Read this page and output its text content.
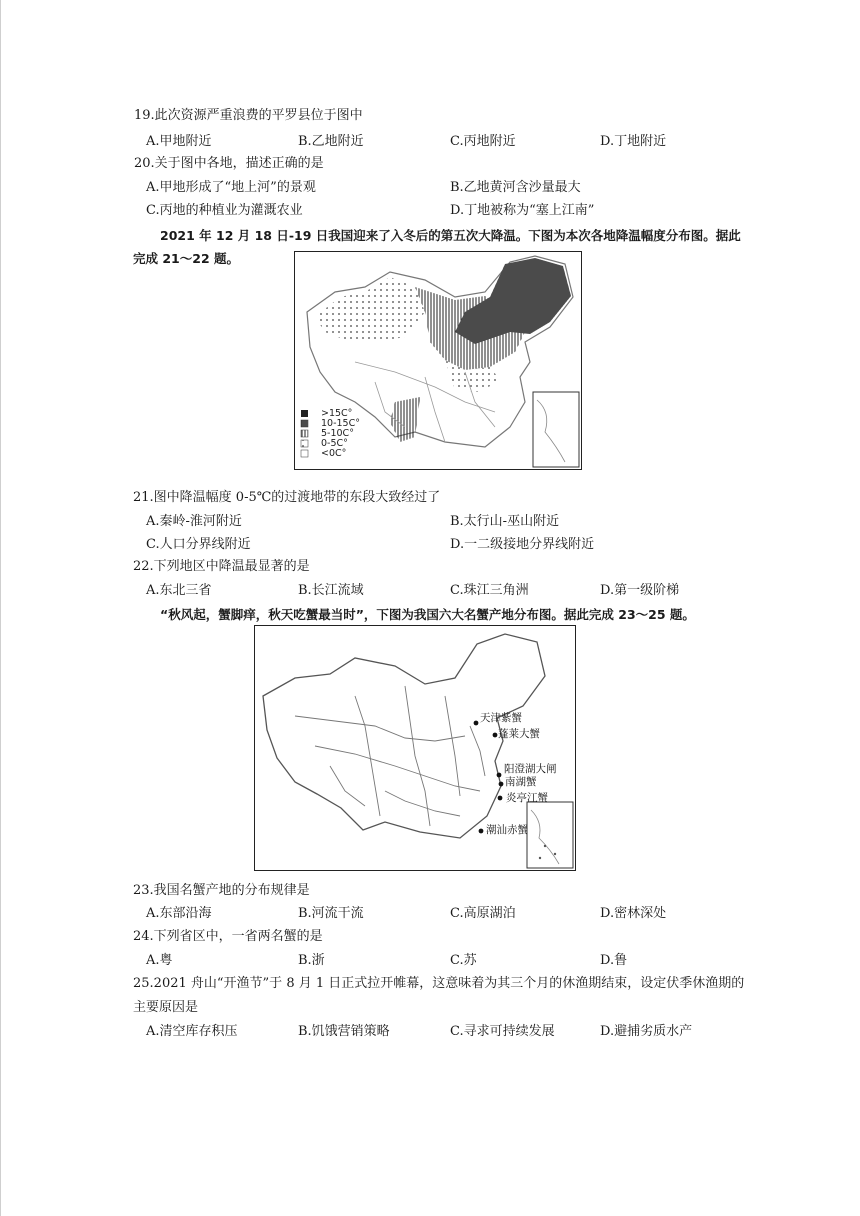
19.此次资源严重浪费的平罗县位于图中
A.甲地附近	B.乙地附近	C.丙地附近	D.丁地附近
20.关于图中各地，描述正确的是
A.甲地形成了“地上河”的景观	B.乙地黄河含沙量最大
C.丙地的种植业为灌溉农业	D.丁地被称为“塞上江南”
2021 年 12 月 18 日-19 日我国迎来了入冬后的第五次大降温。下图为本次各地降温幅度分布图。据此
完成 21～22 题。
>15C°
10-15C°
5-10C°
0-5C°
<0C°
21.图中降温幅度 0-5℃的过渡地带的东段大致经过了
A.秦岭-淮河附近	B.太行山-巫山附近
C.人口分界线附近	D.一二级接地分界线附近
22.下列地区中降温最显著的是
A.东北三省	B.长江流域	C.珠江三角洲	D.第一级阶梯
“秋风起，蟹脚痒，秋天吃蟹最当时”，下图为我国六大名蟹产地分布图。据此完成 23～25 题。
天津紫蟹
蓬莱大蟹
阳澄湖大闸
南湖蟹
炎亭江蟹
潮汕赤蟹
23.我国名蟹产地的分布规律是
A.东部沿海	B.河流干流	C.高原湖泊	D.密林深处
24.下列省区中，一省两名蟹的是
A.粤	B.浙	C.苏	D.鲁
25.2021 舟山“开渔节”于 8 月 1 日正式拉开帷幕，这意味着为其三个月的休渔期结束，设定伏季休渔期的
主要原因是
A.清空库存积压	B.饥饿营销策略	C.寻求可持续发展	D.避捕劣质水产
